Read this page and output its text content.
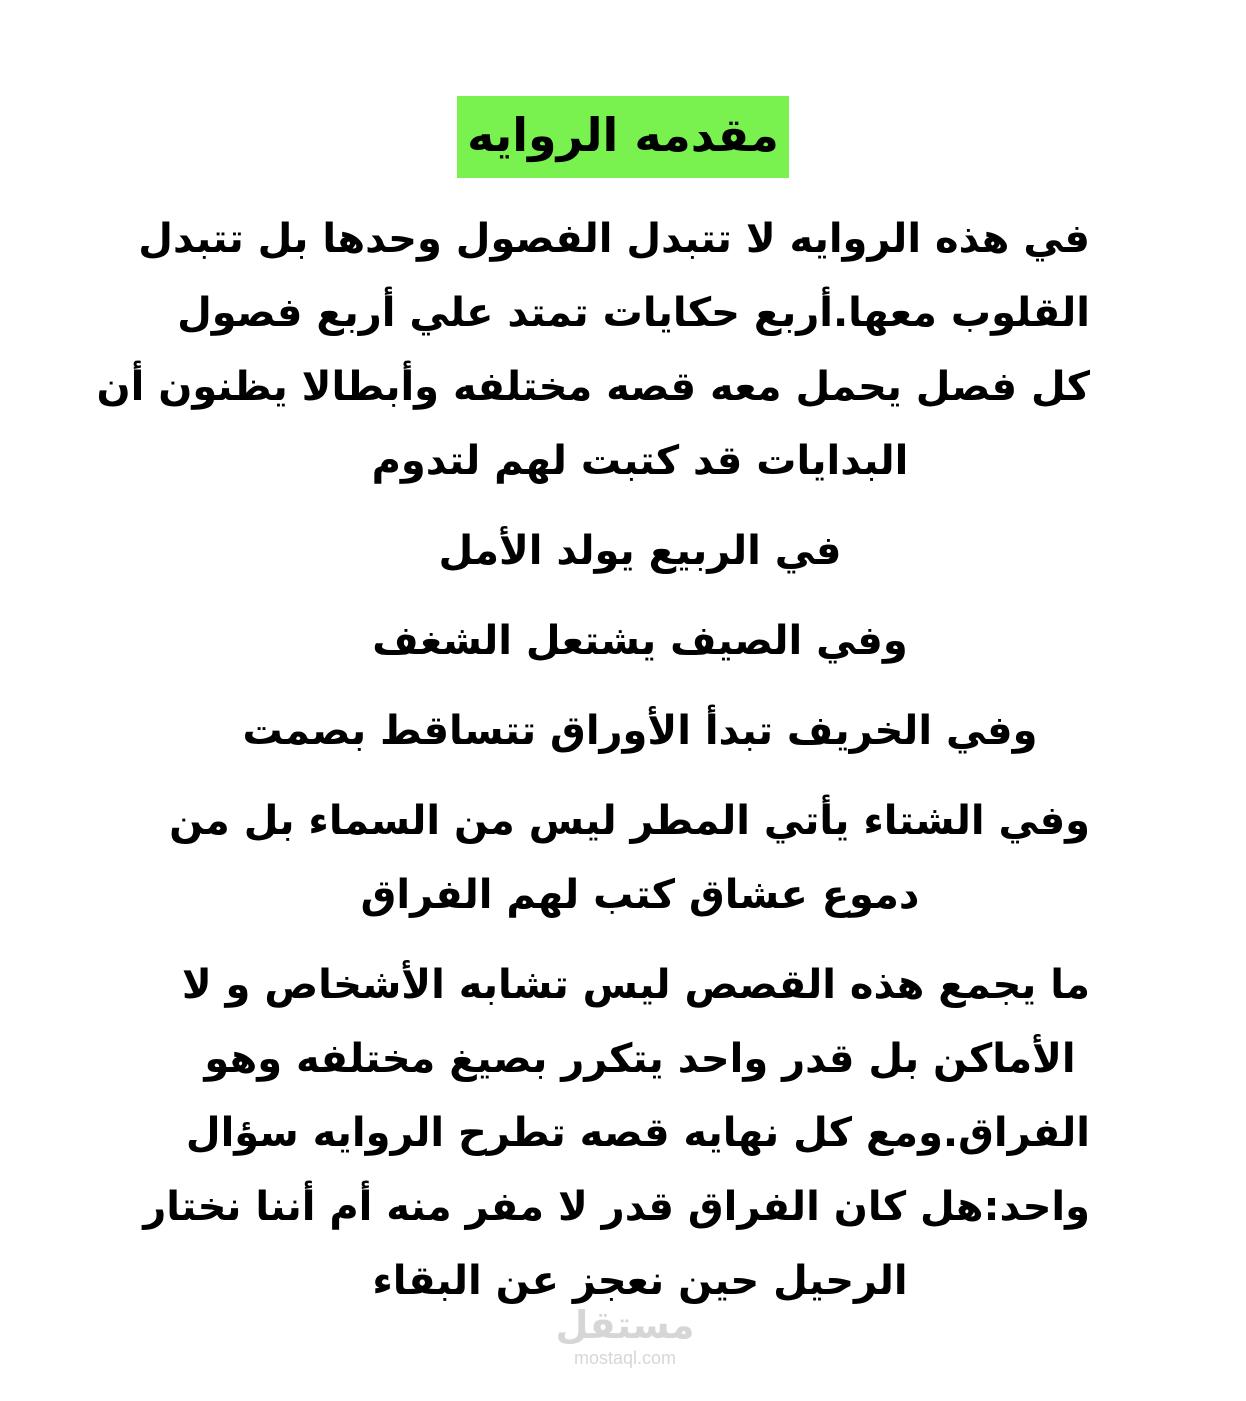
مقدمه الروايه
في هذه الروايه لا تتبدل الفصول وحدها بل تتبدل
القلوب معها.أربع حكايات تمتد علي أربع فصول
كل فصل يحمل معه قصه مختلفه وأبطالا يظنون أن
البدايات قد كتبت لهم لتدوم
في الربيع يولد الأمل
وفي الصيف يشتعل الشغف
وفي الخريف تبدأ الأوراق تتساقط بصمت
وفي الشتاء يأتي المطر ليس من السماء بل من
دموع عشاق كتب لهم الفراق
ما يجمع هذه القصص ليس تشابه الأشخاص و لا
الأماكن بل قدر واحد يتكرر بصيغ مختلفه وهو
الفراق.ومع كل نهايه قصه تطرح الروايه سؤال
واحد:هل كان الفراق قدر لا مفر منه أم أننا نختار
الرحيل حين نعجز عن البقاء
مستقل
mostaql.com
